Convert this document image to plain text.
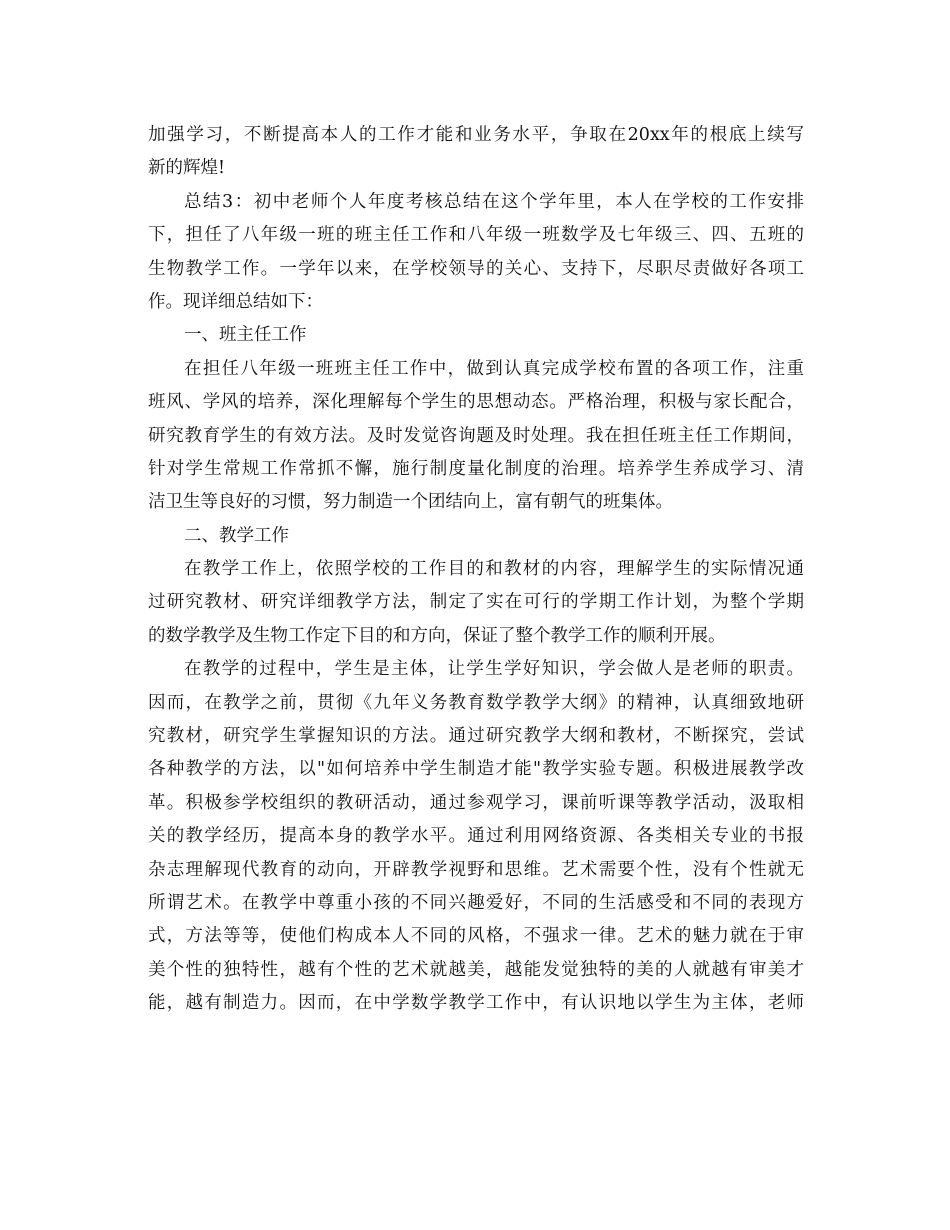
加强学习，不断提高本人的工作才能和业务水平，争取在20xx年的根底上续写
新的辉煌!
总结3：初中老师个人年度考核总结在这个学年里，本人在学校的工作安排
下，担任了八年级一班的班主任工作和八年级一班数学及七年级三、四、五班的
生物教学工作。一学年以来，在学校领导的关心、支持下，尽职尽责做好各项工
作。现详细总结如下：
一、班主任工作
在担任八年级一班班主任工作中，做到认真完成学校布置的各项工作，注重
班风、学风的培养，深化理解每个学生的思想动态。严格治理，积极与家长配合，
研究教育学生的有效方法。及时发觉咨询题及时处理。我在担任班主任工作期间，
针对学生常规工作常抓不懈，施行制度量化制度的治理。培养学生养成学习、清
洁卫生等良好的习惯，努力制造一个团结向上，富有朝气的班集体。
二、教学工作
在教学工作上，依照学校的工作目的和教材的内容，理解学生的实际情况通
过研究教材、研究详细教学方法，制定了实在可行的学期工作计划，为整个学期
的数学教学及生物工作定下目的和方向，保证了整个教学工作的顺利开展。
在教学的过程中，学生是主体，让学生学好知识，学会做人是老师的职责。
因而，在教学之前，贯彻《九年义务教育数学教学大纲》的精神，认真细致地研
究教材，研究学生掌握知识的方法。通过研究教学大纲和教材，不断探究，尝试
各种教学的方法，以"如何培养中学生制造才能"教学实验专题。积极进展教学改
革。积极参学校组织的教研活动，通过参观学习，课前听课等教学活动，汲取相
关的教学经历，提高本身的教学水平。通过利用网络资源、各类相关专业的书报
杂志理解现代教育的动向，开辟教学视野和思维。艺术需要个性，没有个性就无
所谓艺术。在教学中尊重小孩的不同兴趣爱好，不同的生活感受和不同的表现方
式，方法等等，使他们构成本人不同的风格，不强求一律。艺术的魅力就在于审
美个性的独特性，越有个性的艺术就越美，越能发觉独特的美的人就越有审美才
能，越有制造力。因而，在中学数学教学工作中，有认识地以学生为主体，老师
